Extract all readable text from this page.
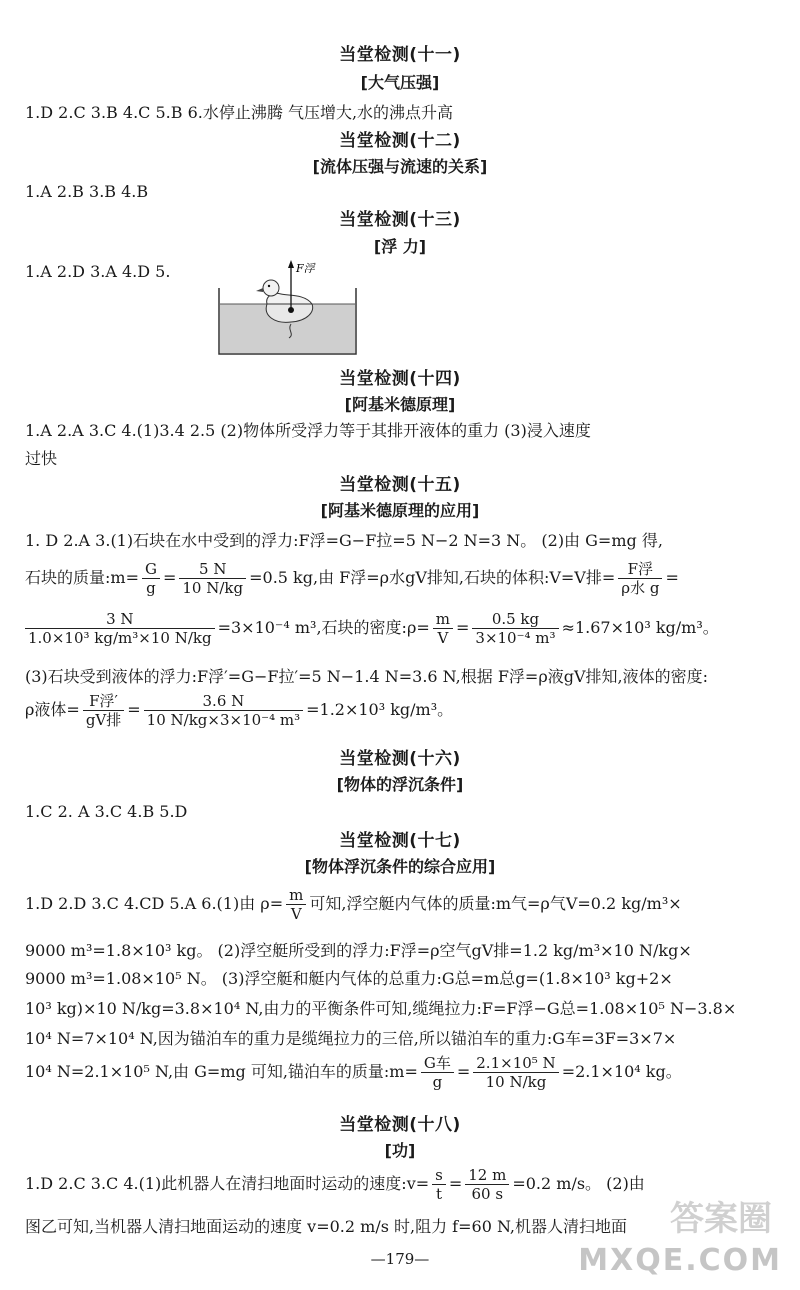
当堂检测(十一)
[大气压强]
1.D 2.C 3.B 4.C 5.B 6.水停止沸腾 气压增大,水的沸点升高
当堂检测(十二)
[流体压强与流速的关系]
1.A 2.B 3.B 4.B
当堂检测(十三)
[浮 力]
1.A 2.D 3.A 4.D 5.	F浮
当堂检测(十四)
[阿基米德原理]
1.A 2.A 3.C 4.(1)3.4 2.5 (2)物体所受浮力等于其排开液体的重力 (3)浸入速度
过快
当堂检测(十五)
[阿基米德原理的应用]
1. D 2.A 3.(1)石块在水中受到的浮力:F浮=G−F拉=5 N−2 N=3 N。 (2)由 G=mg 得,
石块的质量:m= $\frac{G}{g} = \frac{5 N}{10 N/kg} =0.5$ kg,由 F浮=ρ水gV排知,石块的体积:V=V排= $\frac{\text{F浮}}{\text{ρ水 g}}$ =
$\frac{3 N}{\text{1.0×10³ kg/m³×10 N/kg}} =3\times 10^{-4}$ m³,石块的密度:ρ= $\frac{m}{V} = \frac{0.5 kg}{\text{3×10⁻⁴ m³}} \approx 1.67\times 10^3$ kg/m³。
(3)石块受到液体的浮力:F浮′=G−F拉′=5 N−1.4 N=3.6 N,根据 F浮=ρ液gV排知,液体的密度:
ρ液体= $\frac{\text{F浮′}}{\text{gV排}} = \frac{3.6 N}{\text{10 N/kg×3×10⁻⁴ m³}} =1.2\times 10^3$ kg/m³。
当堂检测(十六)
[物体的浮沉条件]
1.C 2. A 3.C 4.B 5.D
当堂检测(十七)
[物体浮沉条件的综合应用]
1.D 2.D 3.C 4.CD 5.A 6.(1)由 $\rho= \frac{m}{V}$ 可知,浮空艇内气体的质量:m气=ρ气V=0.2 kg/m³×
9000 m³=1.8×10³ kg。 (2)浮空艇所受到的浮力:F浮=ρ空气gV排=1.2 kg/m³×10 N/kg×
9000 m³=1.08×10⁵ N。 (3)浮空艇和艇内气体的总重力:G总=m总g=(1.8×10³ kg+2×
10³ kg)×10 N/kg=3.8×10⁴ N,由力的平衡条件可知,缆绳拉力:F=F浮−G总=1.08×10⁵ N−3.8×
10⁴ N=7×10⁴ N,因为锚泊车的重力是缆绳拉力的三倍,所以锚泊车的重力:G车=3F=3×7×
10⁴ N=2.1×10⁵ N,由 G=mg 可知,锚泊车的质量:m= $\frac{\text{G车}}{g} = \frac{\text{2.1×10⁵ N}}{10 N/kg} =2.1\times 10^4$ kg。
当堂检测(十八)
[功]
1.D 2.C 3.C 4.(1)此机器人在清扫地面时运动的速度:v= $\frac{s}{t} = \frac{12 m}{60 s} =0.2$ m/s。 (2)由
图乙可知,当机器人清扫地面运动的速度 v=0.2 m/s 时,阻力 f=60 N,机器人清扫地面
—179—
答案圈
MXQE.COM
